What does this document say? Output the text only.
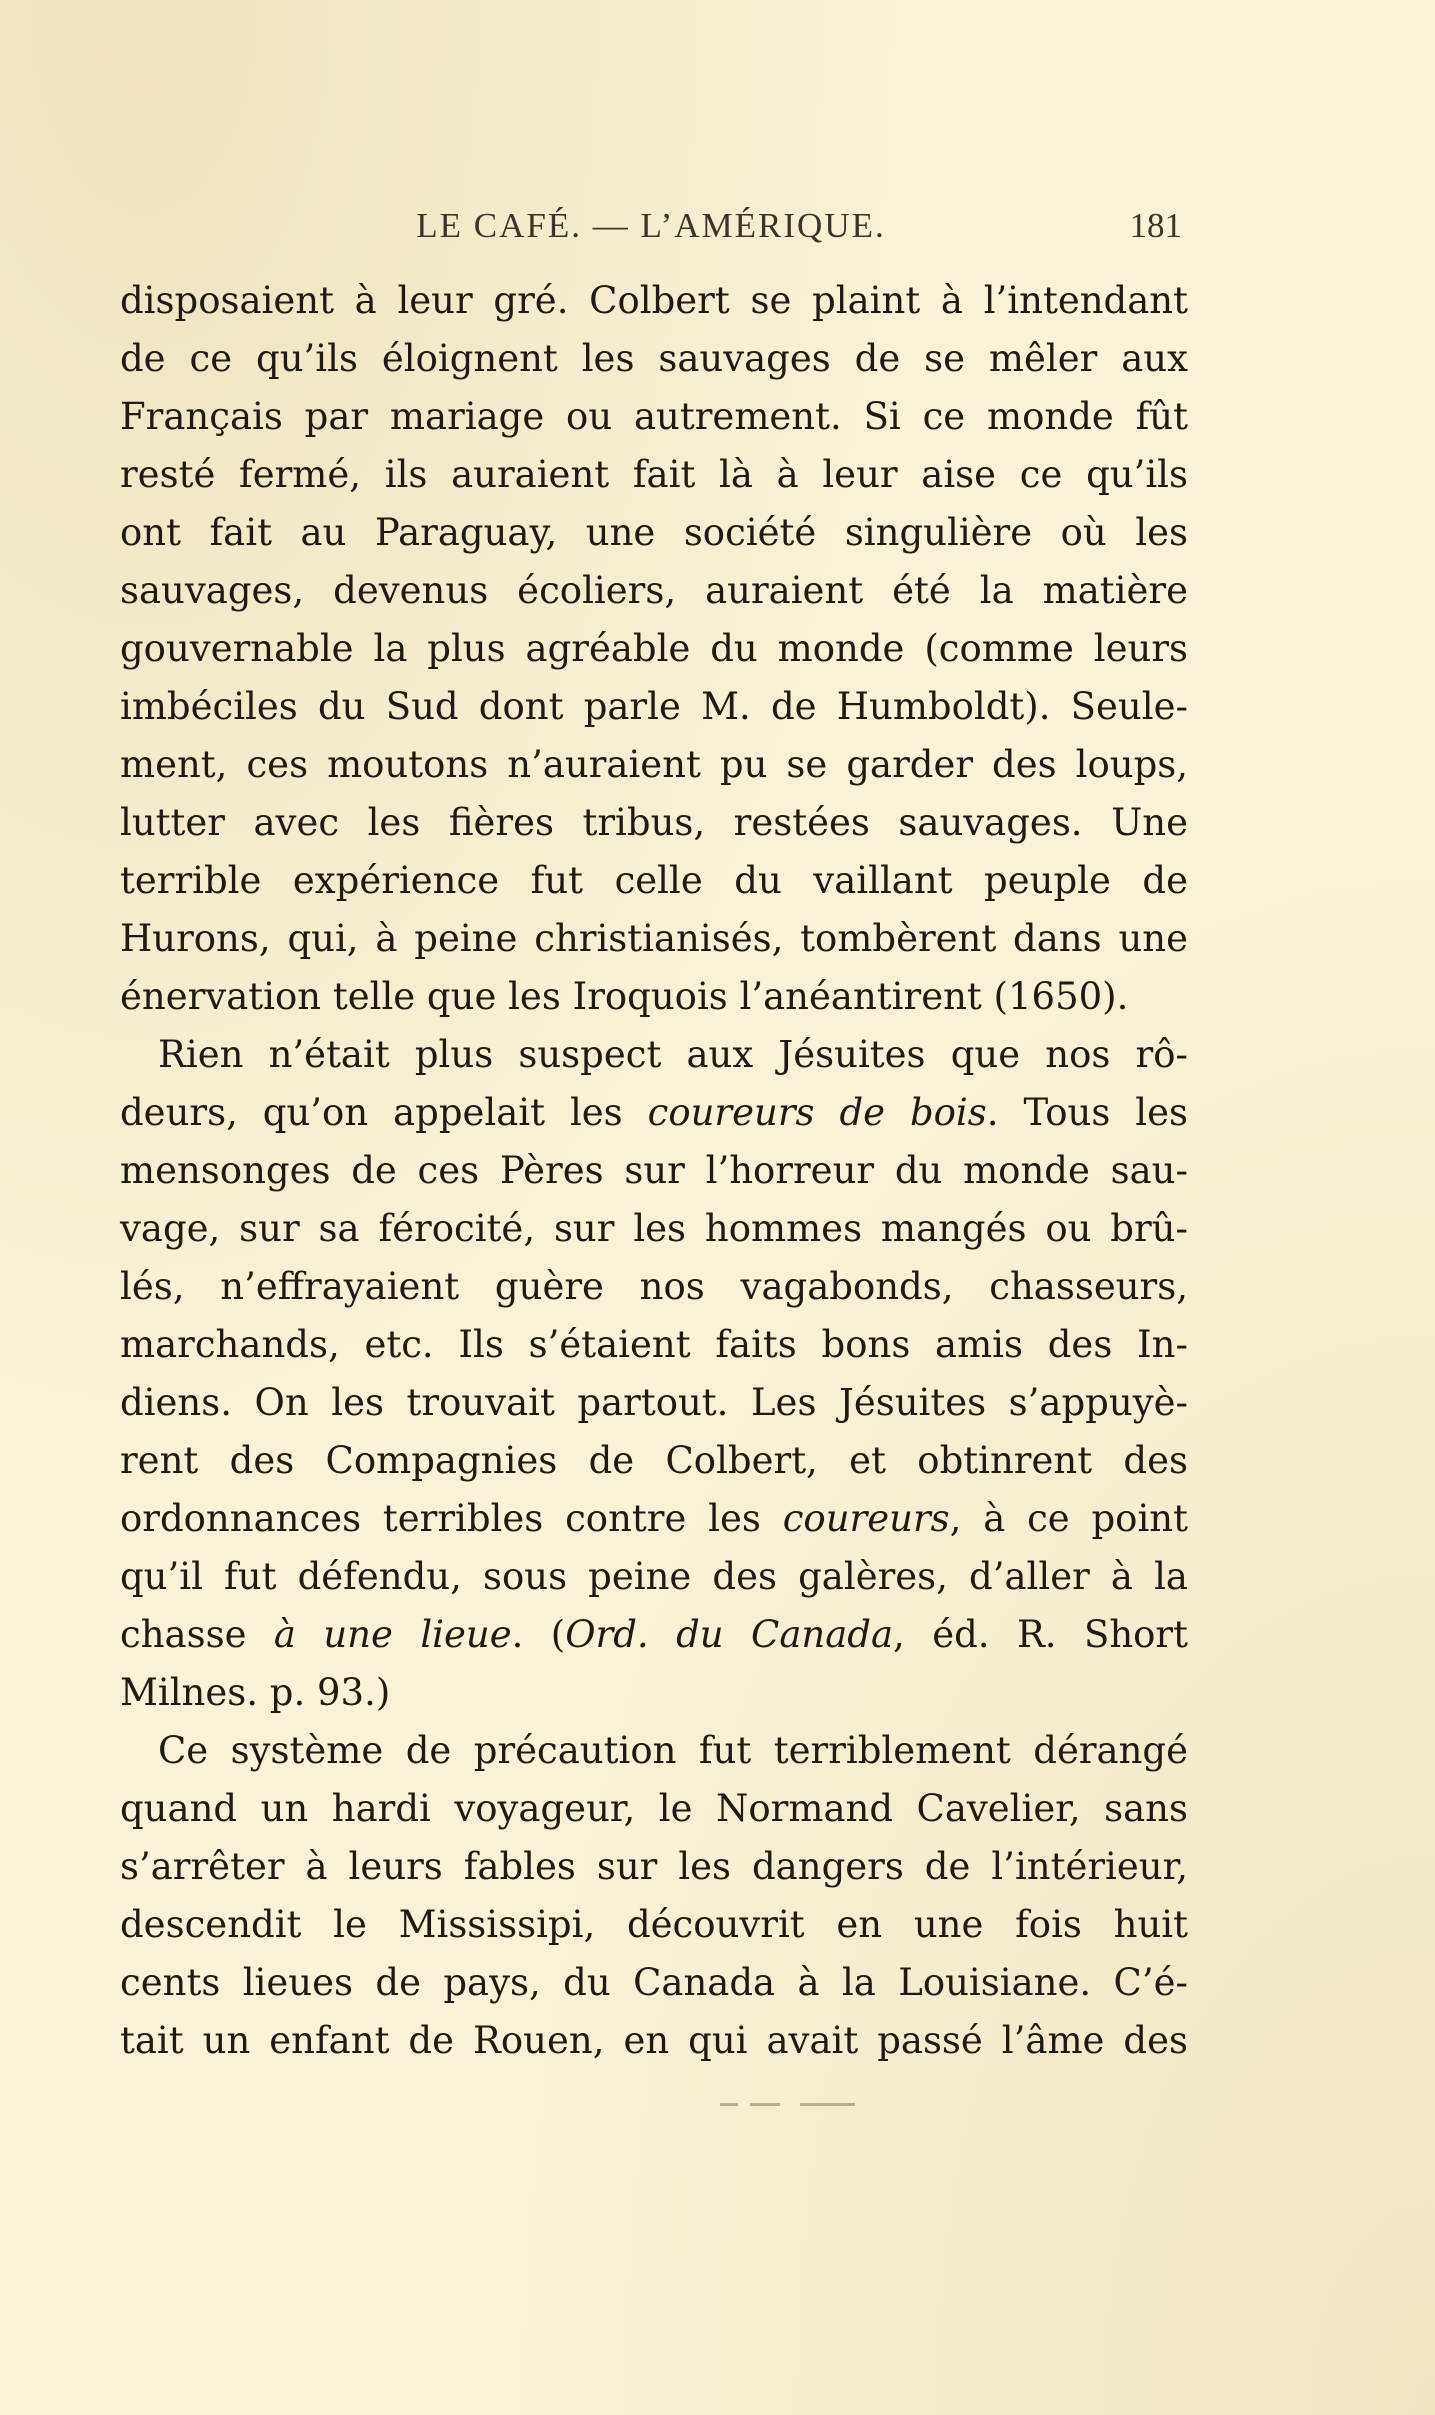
LE CAFÉ. — L’AMÉRIQUE.	181
disposaient à leur gré. Colbert se plaint à l’intendant
de ce qu’ils éloignent les sauvages de se mêler aux
Français par mariage ou autrement. Si ce monde fût
resté fermé, ils auraient fait là à leur aise ce qu’ils
ont fait au Paraguay, une société singulière où les
sauvages, devenus écoliers, auraient été la matière
gouvernable la plus agréable du monde (comme leurs
imbéciles du Sud dont parle M. de Humboldt). Seule-
ment, ces moutons n’auraient pu se garder des loups,
lutter avec les fières tribus, restées sauvages. Une
terrible expérience fut celle du vaillant peuple de
Hurons, qui, à peine christianisés, tombèrent dans une
énervation telle que les Iroquois l’anéantirent (1650).
Rien n’était plus suspect aux Jésuites que nos rô-
deurs, qu’on appelait les coureurs de bois. Tous les
mensonges de ces Pères sur l’horreur du monde sau-
vage, sur sa férocité, sur les hommes mangés ou brû-
lés, n’effrayaient guère nos vagabonds, chasseurs,
marchands, etc. Ils s’étaient faits bons amis des In-
diens. On les trouvait partout. Les Jésuites s’appuyè-
rent des Compagnies de Colbert, et obtinrent des
ordonnances terribles contre les coureurs, à ce point
qu’il fut défendu, sous peine des galères, d’aller à la
chasse à une lieue. (Ord. du Canada, éd. R. Short
Milnes. p. 93.)
Ce système de précaution fut terriblement dérangé
quand un hardi voyageur, le Normand Cavelier, sans
s’arrêter à leurs fables sur les dangers de l’intérieur,
descendit le Mississipi, découvrit en une fois huit
cents lieues de pays, du Canada à la Louisiane. C’é-
tait un enfant de Rouen, en qui avait passé l’âme des
